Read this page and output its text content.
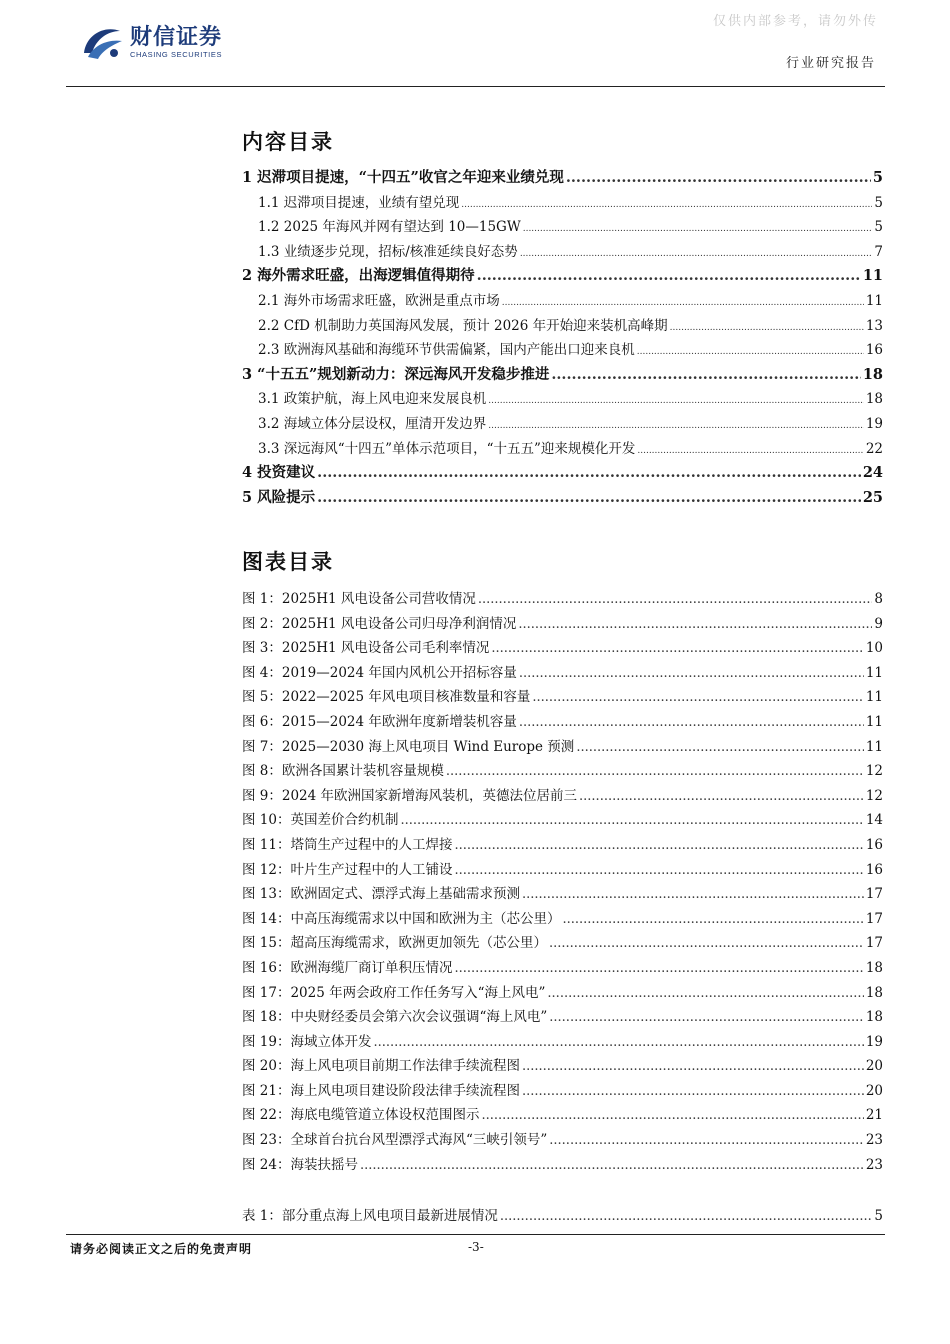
财信证券
CHASING SECURITIES
仅供内部参考，请勿外传
行业研究报告
内容目录
1 迟滞项目提速，“十四五”收官之年迎来业绩兑现 .....	5
1.1 迟滞项目提速，业绩有望兑现 .....	5
1.2 2025 年海风并网有望达到 10—15GW .....	5
1.3 业绩逐步兑现，招标/核准延续良好态势 .....	7
2 海外需求旺盛，出海逻辑值得期待 .....	11
2.1 海外市场需求旺盛，欧洲是重点市场 .....	11
2.2 CfD 机制助力英国海风发展，预计 2026 年开始迎来装机高峰期 .....	13
2.3 欧洲海风基础和海缆环节供需偏紧，国内产能出口迎来良机 .....	16
3 “十五五”规划新动力：深远海风开发稳步推进 .....	18
3.1 政策护航，海上风电迎来发展良机 .....	18
3.2 海域立体分层设权，厘清开发边界 .....	19
3.3 深远海风“十四五”单体示范项目，“十五五”迎来规模化开发 .....	22
4 投资建议 .....	24
5 风险提示 .....	25
图表目录
图 1：2025H1 风电设备公司营收情况 .....	8
图 2：2025H1 风电设备公司归母净利润情况 .....	9
图 3：2025H1 风电设备公司毛利率情况 .....	10
图 4：2019—2024 年国内风机公开招标容量 .....	11
图 5：2022—2025 年风电项目核准数量和容量 .....	11
图 6：2015—2024 年欧洲年度新增装机容量 .....	11
图 7：2025—2030 海上风电项目 Wind Europe 预测 .....	11
图 8：欧洲各国累计装机容量规模 .....	12
图 9：2024 年欧洲国家新增海风装机，英德法位居前三 .....	12
图 10：英国差价合约机制 .....	14
图 11：塔筒生产过程中的人工焊接 .....	16
图 12：叶片生产过程中的人工铺设 .....	16
图 13：欧洲固定式、漂浮式海上基础需求预测 .....	17
图 14：中高压海缆需求以中国和欧洲为主（芯公里） .....	17
图 15：超高压海缆需求，欧洲更加领先（芯公里） .....	17
图 16：欧洲海缆厂商订单积压情况 .....	18
图 17：2025 年两会政府工作任务写入“海上风电” .....	18
图 18：中央财经委员会第六次会议强调“海上风电” .....	18
图 19：海域立体开发 .....	19
图 20：海上风电项目前期工作法律手续流程图 .....	20
图 21：海上风电项目建设阶段法律手续流程图 .....	20
图 22：海底电缆管道立体设权范围图示 .....	21
图 23：全球首台抗台风型漂浮式海风“三峡引领号” .....	23
图 24：海装扶摇号 .....	23
表 1：部分重点海上风电项目最新进展情况 .....	5
请务必阅读正文之后的免责声明	-3-
